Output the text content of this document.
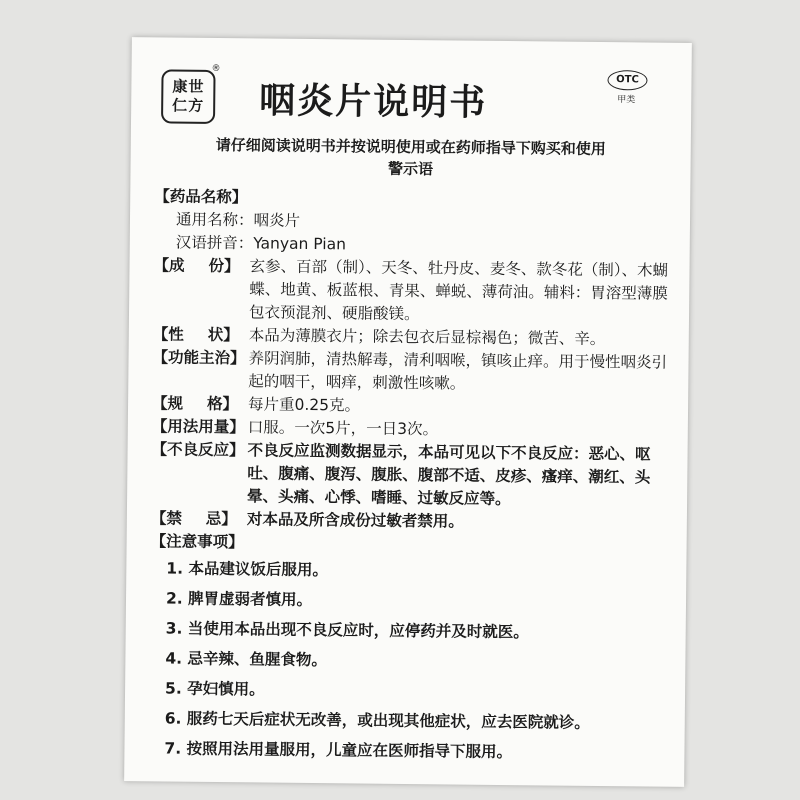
康世
仁方
®
咽炎片说明书
OTC
甲类
请仔细阅读说明书并按说明使用或在药师指导下购买和使用
警示语
【药品名称】
通用名称： 咽炎片
汉语拼音： Yanyan Pian
【成 份】 玄参、百部（制）、天冬、牡丹皮、麦冬、款冬花（制）、木蝴蝶、地黄、板蓝根、青果、蝉蜕、薄荷油。辅料：胃溶型薄膜包衣预混剂、硬脂酸镁。
【性 状】 本品为薄膜衣片；除去包衣后显棕褐色；微苦、辛。
【功能主治】 养阴润肺，清热解毒，清利咽喉，镇咳止痒。用于慢性咽炎引起的咽干，咽痒，刺激性咳嗽。
【规 格】 每片重0.25克。
【用法用量】 口服。一次5片，一日3次。
【不良反应】 不良反应监测数据显示，本品可见以下不良反应：恶心、呕吐、腹痛、腹泻、腹胀、腹部不适、皮疹、瘙痒、潮红、头晕、头痛、心悸、嗜睡、过敏反应等。
【禁 忌】 对本品及所含成份过敏者禁用。
【注意事项】
1. 本品建议饭后服用。
2. 脾胃虚弱者慎用。
3. 当使用本品出现不良反应时，应停药并及时就医。
4. 忌辛辣、鱼腥食物。
5. 孕妇慎用。
6. 服药七天后症状无改善，或出现其他症状，应去医院就诊。
7. 按照用法用量服用，儿童应在医师指导下服用。
